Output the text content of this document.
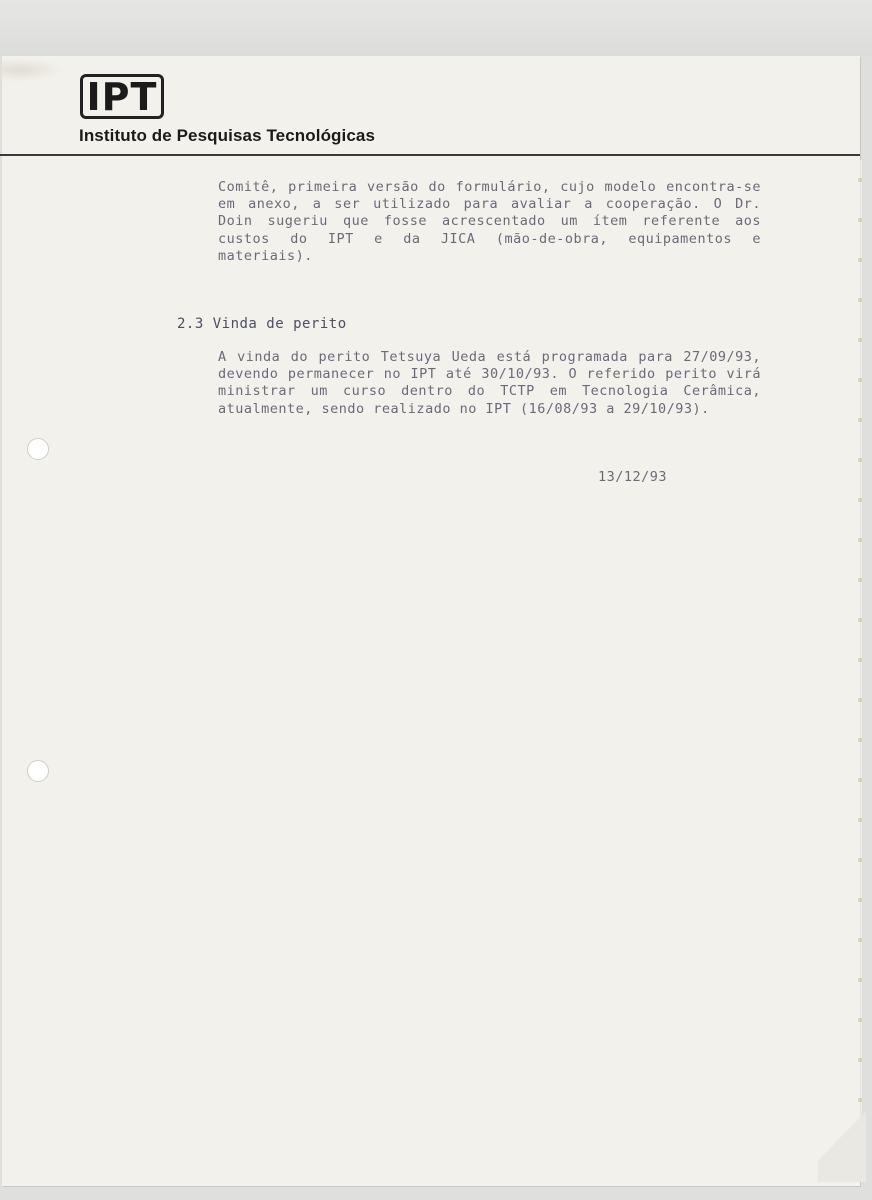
IPT
Instituto de Pesquisas Tecnológicas
Comitê, primeira versão do formulário, cujo modelo encontra-se em anexo, a ser utilizado para avaliar a cooperação. O Dr. Doin sugeriu que fosse acrescentado um ítem referente aos custos do IPT e da JICA (mão-de-obra, equipamentos e materiais).
2.3 Vinda de perito
A vinda do perito Tetsuya Ueda está programada para 27/09/93, devendo permanecer no IPT até 30/10/93. O referido perito virá ministrar um curso dentro do TCTP em Tecnologia Cerâmica, atualmente, sendo realizado no IPT (16/08/93 a 29/10/93).
13/12/93
